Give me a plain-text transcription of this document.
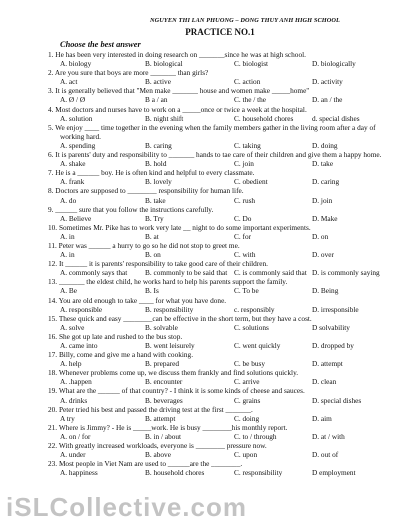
NGUYEN THI LAN PHUONG – DONG THUY ANH HIGH SCHOOL
PRACTICE NO.1
Choose the best answer
1. He has been very interested in doing research on _______since he was at high school.
A. biology	B. biological	C. biologist	D. biologically
2. Are you sure that boys are more _______ than girls?
A. act	B. active	C. action	D. activity
3. It is generally believed that "Men make _______ house and women make _____home"
A. Ø / Ø	B a / an	C. the / the	D. an / the
4. Most doctors and nurses have to work on a _____once or twice a week at the hospital.
A. solution	B. night shift	C. household chores	d. special dishes
5. We enjoy ____ time together in the evening when the family members gather in the living room after a day of working hard.
A. spending	B. caring	C. taking	D. doing
6. It is parents' duty and responsibility to _______ hands to tae care of their children and give them a happy home.
A. shake	B. hold	C. join	D. take
7. He is a ______ boy. He is often kind and helpful to every classmate.
A. frank	B. lovely	C. obedient	D. caring
8. Doctors are supposed to ________ responsibility for human life.
A. do	B. take	C. rush	D. join
9. ______ sure that you follow the instructions carefully.
A. Believe	B. Try	C. Do	D. Make
10. Sometimes Mr. Pike has to work very late __ night to do some important experiments.
A. in	B. at	C. for	D. on
11. Peter was ______ a hurry to go so he did not stop to greet me.
A. in	B. on	C. with	D. over
12. It ______ it is parents' responsibility to take good care of their children.
A. commonly says that B. commonly to be said that C. is commonly said that D. is commonly saying
13. _______ the eldest child, he works hard to help his parents support the family.
A. Be	B. Is	C. To be	D. Being
14. You are old enough to take ____ for what you have done.
A. responsible	B. responsibility	c. responsibly	D. irresponsible
15. These quick and easy ________can be effective in the short term, but they have a cost.
A. solve	B. solvable	C. solutions	D solvability
16. She got up late and rushed to the bus stop.
A. came into	B. went leisurely	C. went quickly	D. dropped by
17. Billy, come and give me a hand with cooking.
A. help	B. prepared	C. be busy	D. attempt
18. Whenever problems come up, we discuss them frankly and find solutions quickly.
A. .happen	B. encounter	C. arrive	D. clean
19. What are the ______ of that country? - I think it is some kinds of cheese and sauces.
A. drinks	B. beverages	C. grains	D. special dishes
20. Peter tried his best and passed the driving test at the first _______.
A try	B. attempt	C. doing	D. aim
21. Where is Jimmy? - He is _____work. He is busy ________his monthly report.
A. on / for	B. in / about	C. to / through	D. at / with
22. With greatly increased workloads, everyone is ________ pressure now.
A. under	B. above	C. upon	D. out of
23. Most people in Viet Nam are used to ______are the ________.
A. happiness	B. household chores	C. responsibility	D employment
iSLCollective.com
